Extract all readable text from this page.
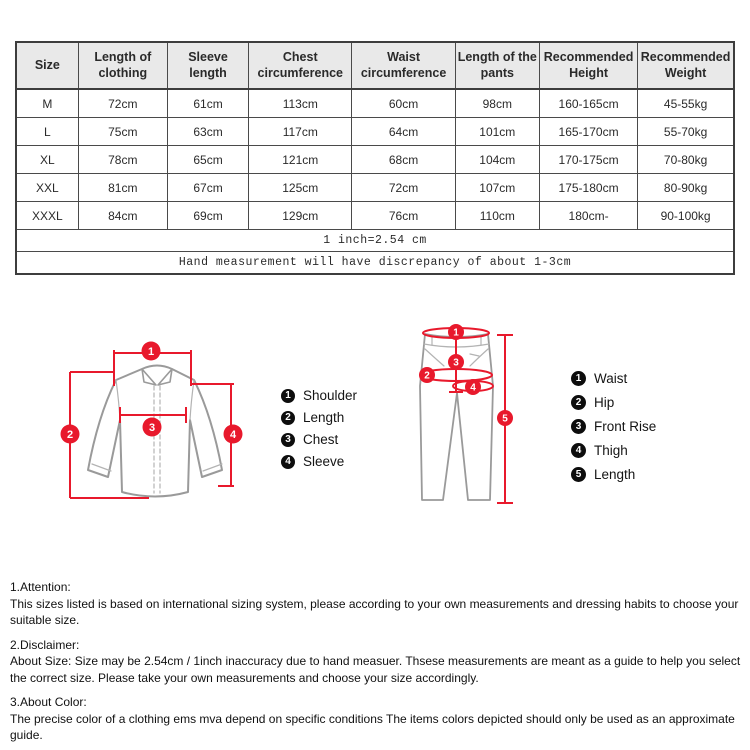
Size	Length of clothing	Sleeve length	Chest circumference	Waist circumference	Length of the pants	Recommended Height	Recommended Weight
M	72cm	61cm	113cm	60cm	98cm	160-165cm	45-55kg
L	75cm	63cm	117cm	64cm	101cm	165-170cm	55-70kg
XL	78cm	65cm	121cm	68cm	104cm	170-175cm	70-80kg
XXL	81cm	67cm	125cm	72cm	107cm	175-180cm	80-90kg
XXXL	84cm	69cm	129cm	76cm	110cm	180cm-	90-100kg
1 inch=2.54 cm							
Hand measurement will have discrepancy of about 1-3cm							
1
2
3
4
1 Shoulder
2 Length
3 Chest
4 Sleeve
1
2
3
4
5
1 Waist
2 Hip
3 Front Rise
4 Thigh
5 Length
1.Attention:
This sizes listed is based on international sizing system, please according to your own measurements and dressing habits to choose your suitable size.
2.Disclaimer:
About Size: Size may be 2.54cm / 1inch inaccuracy due to hand measuer. Thsese measurements are meant as a guide to help you select the correct size. Please take your own measurements and choose your size accordingly.
3.About Color:
The precise color of a clothing ems mva depend on specific conditions The items colors depicted should only be used as an approximate guide.
